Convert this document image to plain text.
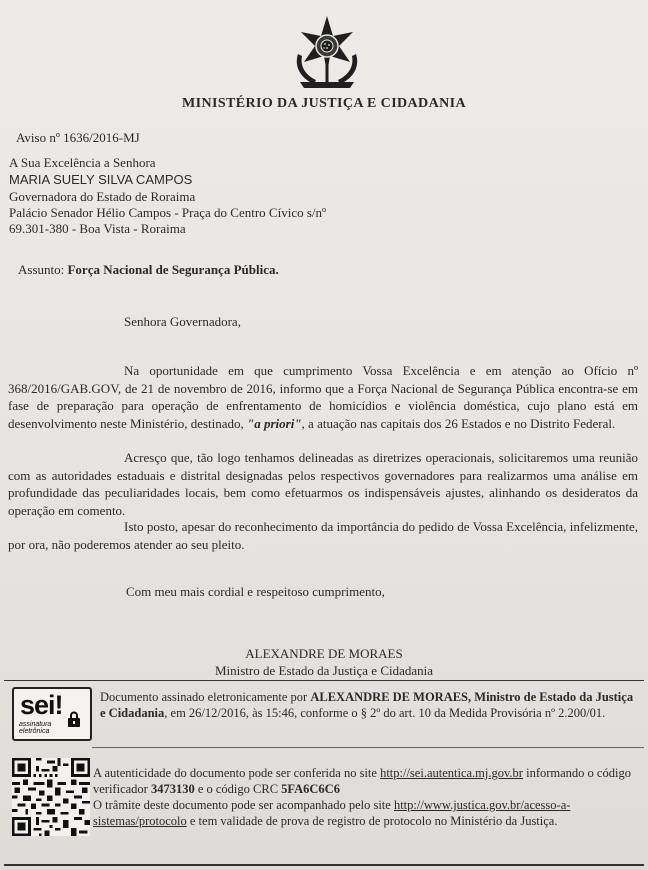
MINISTÉRIO DA JUSTIÇA E CIDADANIA
Aviso nº 1636/2016-MJ
A Sua Excelência a Senhora
MARIA SUELY SILVA CAMPOS
Governadora do Estado de Roraima
Palácio Senador Hélio Campos - Praça do Centro Cívico s/nº
69.301-380 - Boa Vista - Roraima
Assunto: Força Nacional de Segurança Pública.
Senhora Governadora,
Na oportunidade em que cumprimento Vossa Excelência e em atenção ao Ofício nº 368/2016/GAB.GOV, de 21 de novembro de 2016, informo que a Força Nacional de Segurança Pública encontra-se em fase de preparação para operação de enfrentamento de homicídios e violência doméstica, cujo plano está em desenvolvimento neste Ministério, destinado, "a priori", a atuação nas capitais dos 26 Estados e no Distrito Federal.
Acresço que, tão logo tenhamos delineadas as diretrizes operacionais, solicitaremos uma reunião com as autoridades estaduais e distrital designadas pelos respectivos governadores para realizarmos uma análise em profundidade das peculiaridades locais, bem como efetuarmos os indispensáveis ajustes, alinhando os desideratos da operação em comento.
Isto posto, apesar do reconhecimento da importância do pedido de Vossa Excelência, infelizmente, por ora, não poderemos atender ao seu pleito.
Com meu mais cordial e respeitoso cumprimento,
ALEXANDRE DE MORAES
Ministro de Estado da Justiça e Cidadania
sei!
assinatura
eletrônica
Documento assinado eletronicamente por ALEXANDRE DE MORAES, Ministro de Estado da Justiça e Cidadania, em 26/12/2016, às 15:46, conforme o § 2º do art. 10 da Medida Provisória nº 2.200/01.
A autenticidade do documento pode ser conferida no site http://sei.autentica.mj.gov.br informando o código verificador 3473130 e o código CRC 5FA6C6C6
O trâmite deste documento pode ser acompanhado pelo site http://www.justica.gov.br/acesso-a-sistemas/protocolo e tem validade de prova de registro de protocolo no Ministério da Justiça.
